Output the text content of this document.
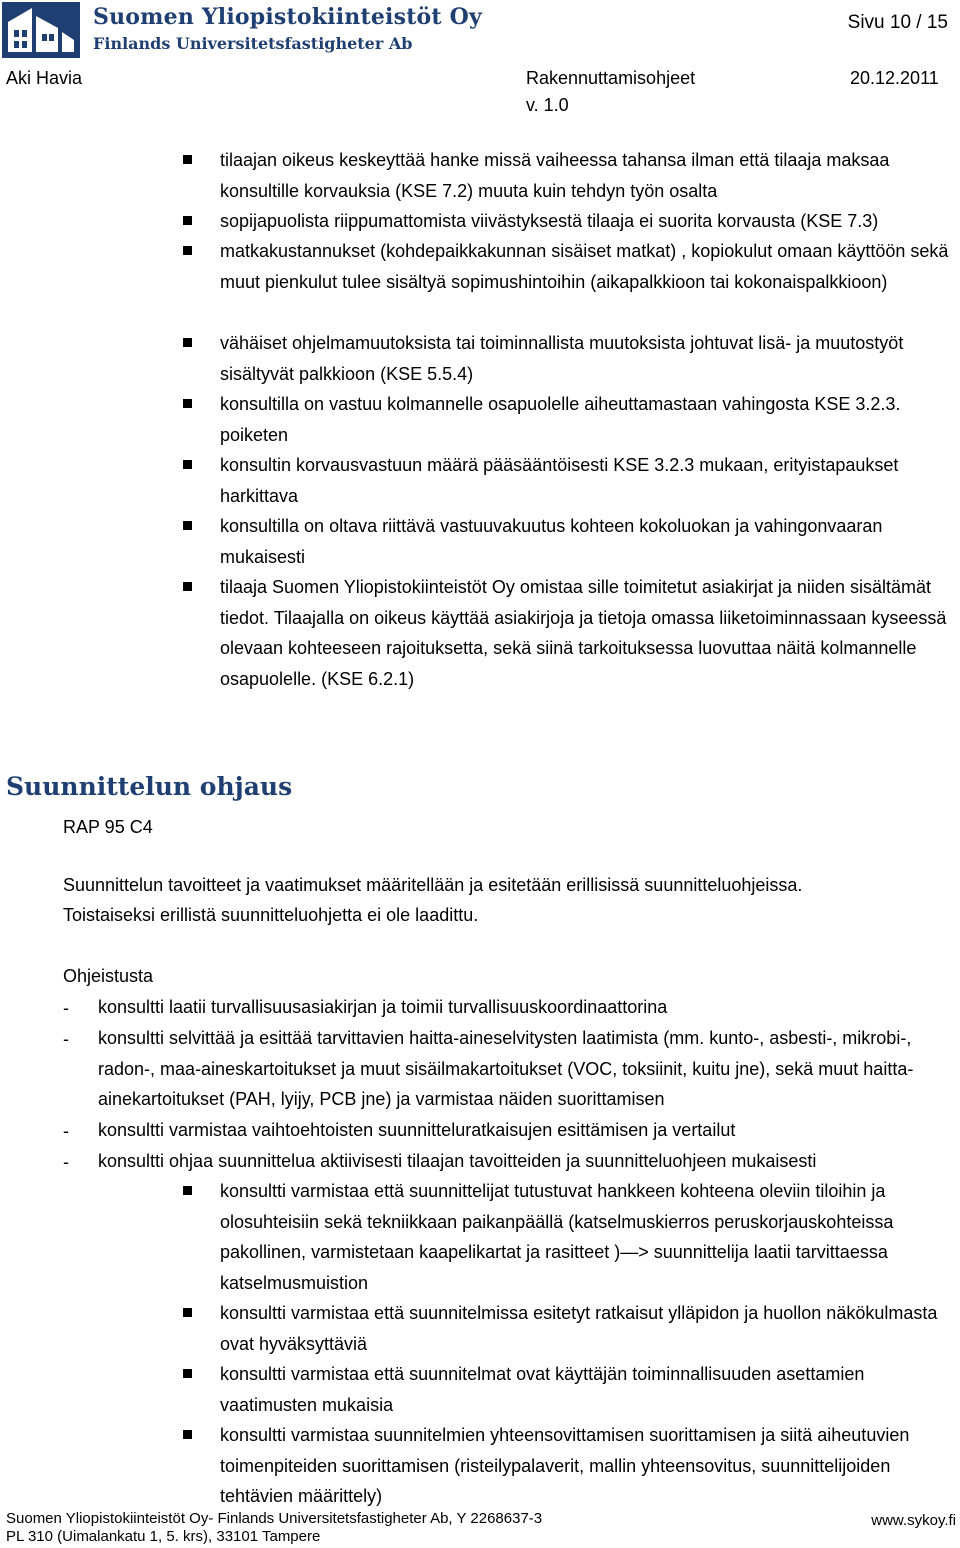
Suomen Yliopistokiinteistöt Oy
Finlands Universitetsfastigheter Ab
Sivu 10 / 15
Aki Havia	Rakennuttamisohjeet	20.12.2011
v. 1.0
tilaajan oikeus keskeyttää hanke missä vaiheessa tahansa ilman että tilaaja maksaa konsultille korvauksia (KSE 7.2) muuta kuin tehdyn työn osalta
sopijapuolista riippumattomista viivästyksestä tilaaja ei suorita korvausta (KSE 7.3)
matkakustannukset (kohdepaikkakunnan sisäiset matkat) , kopiokulut omaan käyttöön sekä muut pienkulut tulee sisältyä sopimushintoihin (aikapalkkioon tai kokonaispalkkioon)
vähäiset ohjelmamuutoksista tai toiminnallista muutoksista johtuvat lisä- ja muutostyöt sisältyvät palkkioon (KSE 5.5.4)
konsultilla on vastuu kolmannelle osapuolelle aiheuttamastaan vahingosta KSE 3.2.3. poiketen
konsultin korvausvastuun määrä pääsääntöisesti KSE 3.2.3 mukaan, erityistapaukset harkittava
konsultilla on oltava riittävä vastuuvakuutus kohteen kokoluokan ja vahingonvaaran mukaisesti
tilaaja Suomen Yliopistokiinteistöt Oy omistaa sille toimitetut asiakirjat ja niiden sisältämät tiedot. Tilaajalla on oikeus käyttää asiakirjoja ja tietoja omassa liiketoiminnassaan kyseessä olevaan kohteeseen rajoituksetta, sekä siinä tarkoituksessa luovuttaa näitä kolmannelle osapuolelle. (KSE 6.2.1)
Suunnittelun ohjaus
RAP 95 C4
Suunnittelun tavoitteet ja vaatimukset määritellään ja esitetään erillisissä suunnitteluohjeissa.
Toistaiseksi erillistä suunnitteluohjetta ei ole laadittu.
Ohjeistusta
- konsultti laatii turvallisuusasiakirjan ja toimii turvallisuuskoordinaattorina
- konsultti selvittää ja esittää tarvittavien haitta-aineselvitysten laatimista (mm. kunto-, asbesti-, mikrobi-, radon-, maa-aineskartoitukset ja muut sisäilmakartoitukset (VOC, toksiinit, kuitu jne), sekä muut haitta-ainekartoitukset (PAH, lyijy, PCB jne) ja varmistaa näiden suorittamisen
- konsultti varmistaa vaihtoehtoisten suunnitteluratkaisujen esittämisen ja vertailut
- konsultti ohjaa suunnittelua aktiivisesti tilaajan tavoitteiden ja suunnitteluohjeen mukaisesti
konsultti varmistaa että suunnittelijat tutustuvat hankkeen kohteena oleviin tiloihin ja olosuhteisiin sekä tekniikkaan paikanpäällä (katselmuskierros peruskorjauskohteissa pakollinen, varmistetaan kaapelikartat ja rasitteet )—> suunnittelija laatii tarvittaessa katselmusmuistion
konsultti varmistaa että suunnitelmissa esitetyt ratkaisut ylläpidon ja huollon näkökulmasta ovat hyväksyttäviä
konsultti varmistaa että suunnitelmat ovat käyttäjän toiminnallisuuden asettamien vaatimusten mukaisia
konsultti varmistaa suunnitelmien yhteensovittamisen suorittamisen ja siitä aiheutuvien toimenpiteiden suorittamisen (risteilypalaverit, mallin yhteensovitus, suunnittelijoiden tehtävien määrittely)
Suomen Yliopistokiinteistöt Oy- Finlands Universitetsfastigheter Ab, Y 2268637-3
PL 310 (Uimalankatu 1, 5. krs), 33101 Tampere
www.sykoy.fi
